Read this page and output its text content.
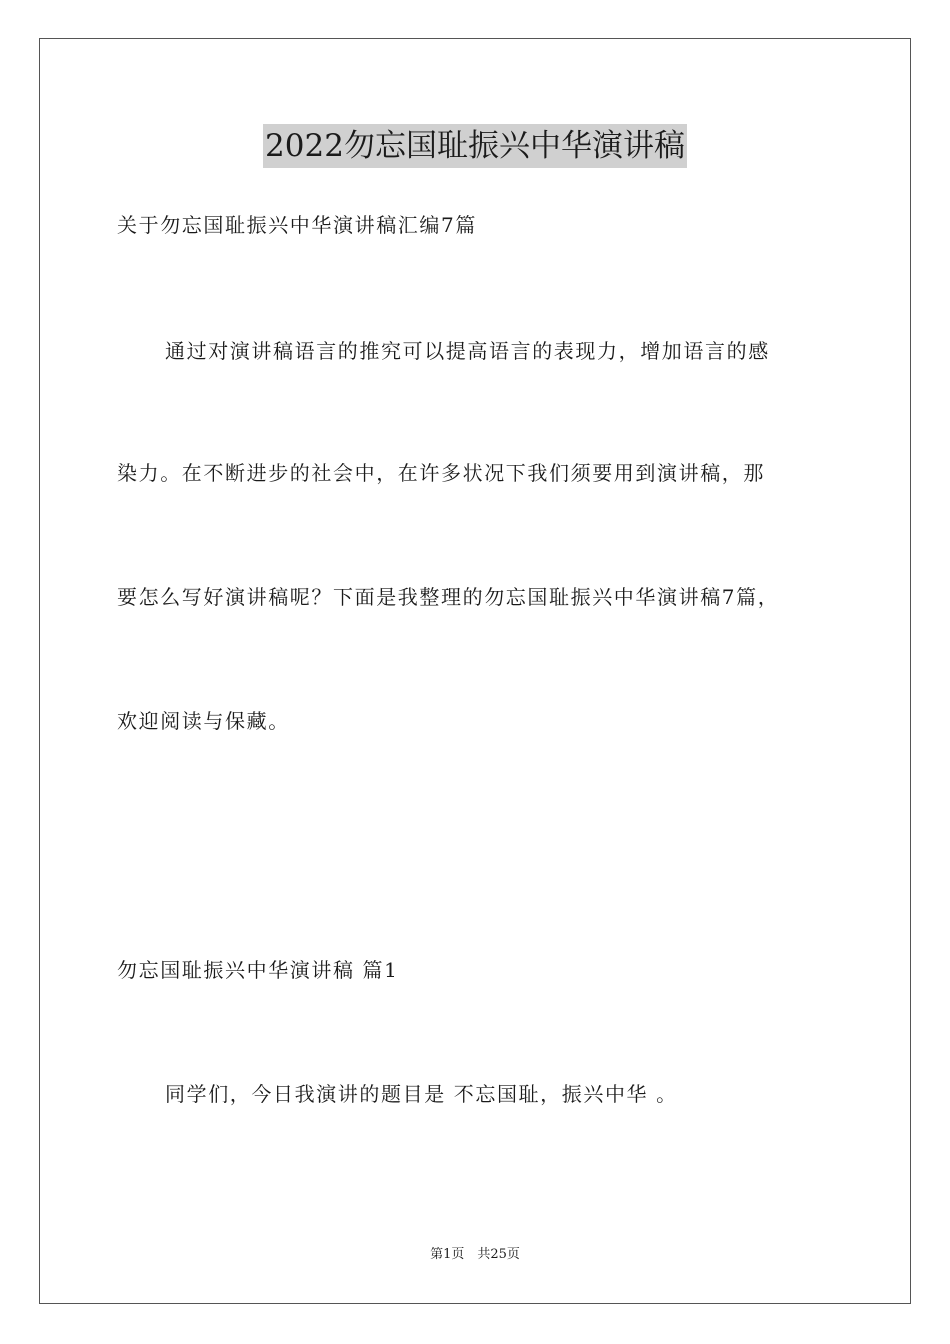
2022勿忘国耻振兴中华演讲稿
关于勿忘国耻振兴中华演讲稿汇编7篇
通过对演讲稿语言的推究可以提高语言的表现力，增加语言的感
染力。在不断进步的社会中，在许多状况下我们须要用到演讲稿，那
要怎么写好演讲稿呢？下面是我整理的勿忘国耻振兴中华演讲稿7篇，
欢迎阅读与保藏。
勿忘国耻振兴中华演讲稿 篇1
同学们，今日我演讲的题目是 不忘国耻，振兴中华 。
第1页　共25页
